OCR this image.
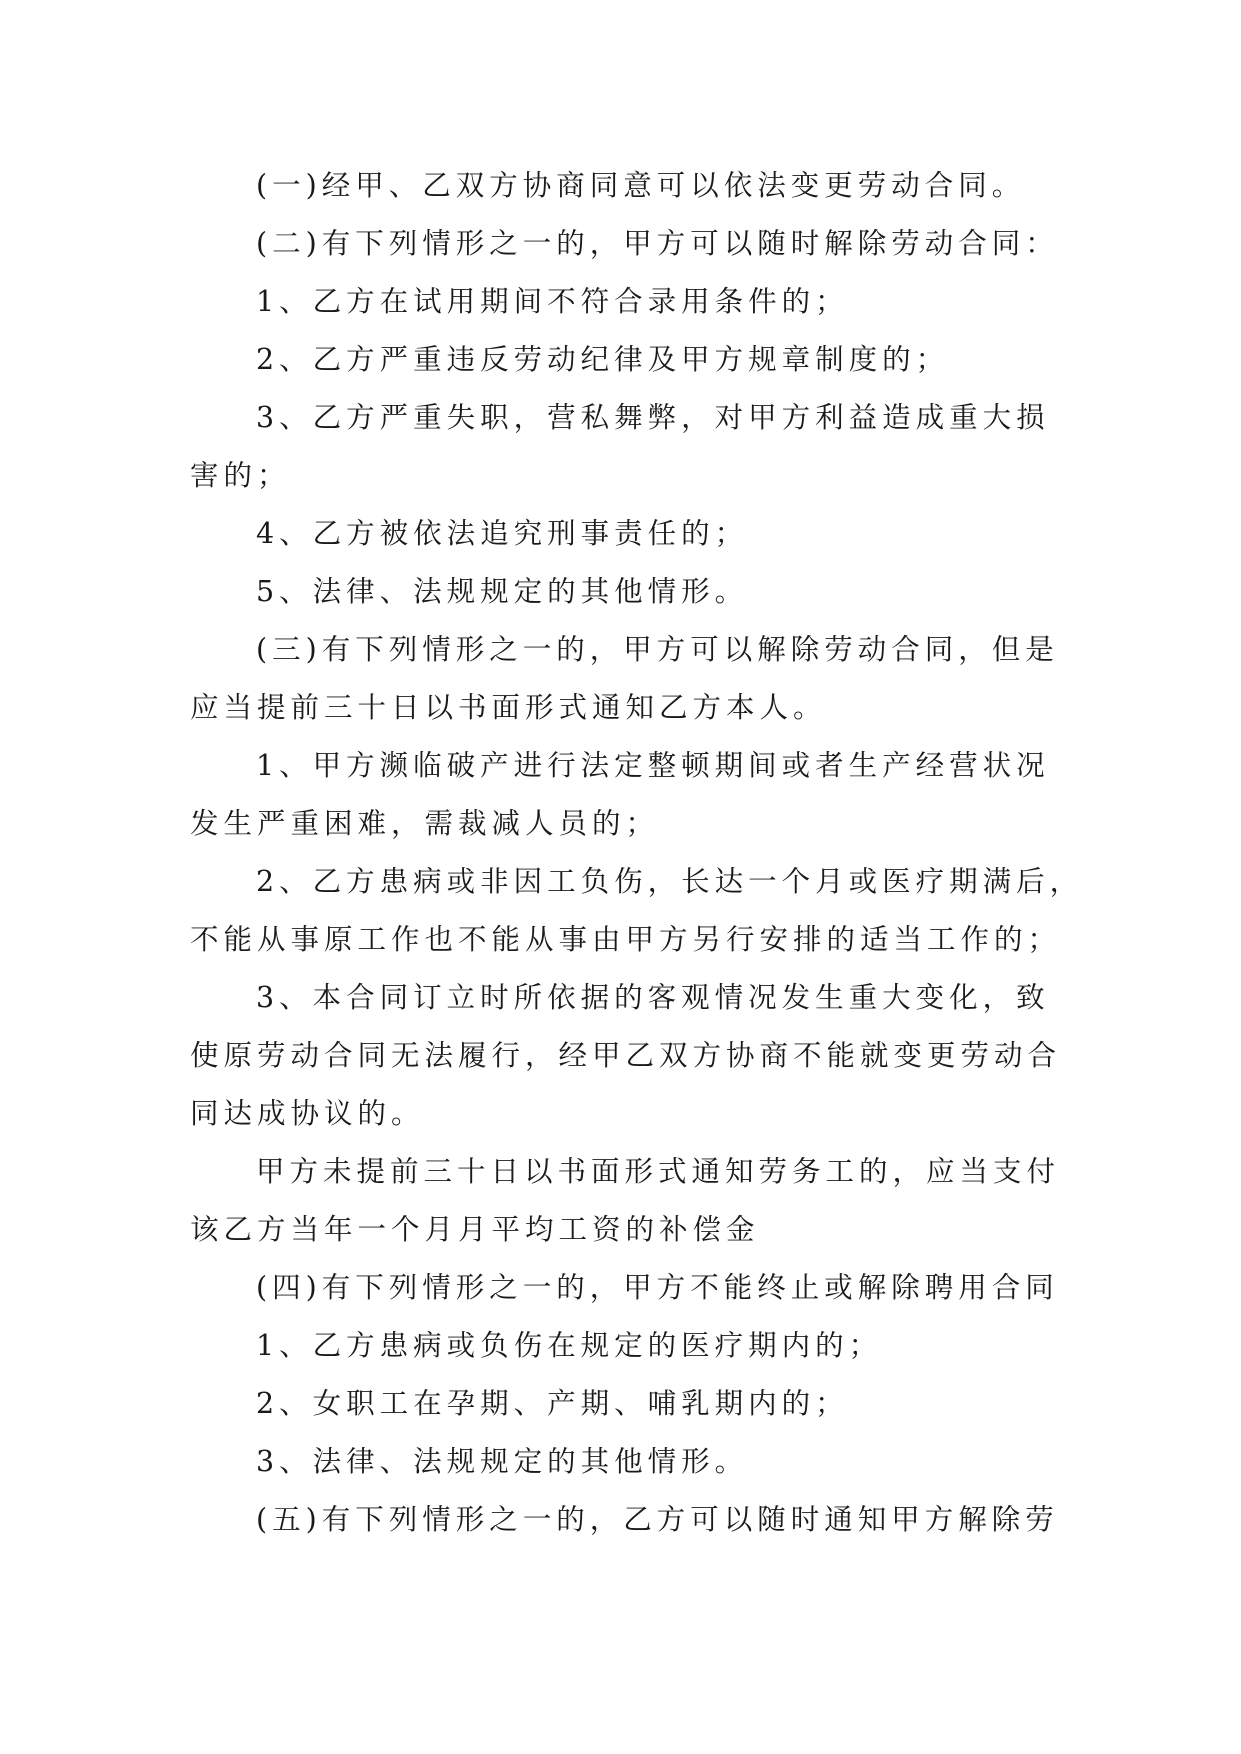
(一)经甲、乙双方协商同意可以依法变更劳动合同。
(二)有下列情形之一的，甲方可以随时解除劳动合同：
1、乙方在试用期间不符合录用条件的；
2、乙方严重违反劳动纪律及甲方规章制度的；
3、乙方严重失职，营私舞弊，对甲方利益造成重大损
害的；
4、乙方被依法追究刑事责任的；
5、法律、法规规定的其他情形。
(三)有下列情形之一的，甲方可以解除劳动合同，但是
应当提前三十日以书面形式通知乙方本人。
1、甲方濒临破产进行法定整顿期间或者生产经营状况
发生严重困难，需裁减人员的；
2、乙方患病或非因工负伤，长达一个月或医疗期满后，
不能从事原工作也不能从事由甲方另行安排的适当工作的；
3、本合同订立时所依据的客观情况发生重大变化，致
使原劳动合同无法履行，经甲乙双方协商不能就变更劳动合
同达成协议的。
甲方未提前三十日以书面形式通知劳务工的，应当支付
该乙方当年一个月月平均工资的补偿金
(四)有下列情形之一的，甲方不能终止或解除聘用合同
1、乙方患病或负伤在规定的医疗期内的；
2、女职工在孕期、产期、哺乳期内的；
3、法律、法规规定的其他情形。
(五)有下列情形之一的，乙方可以随时通知甲方解除劳
